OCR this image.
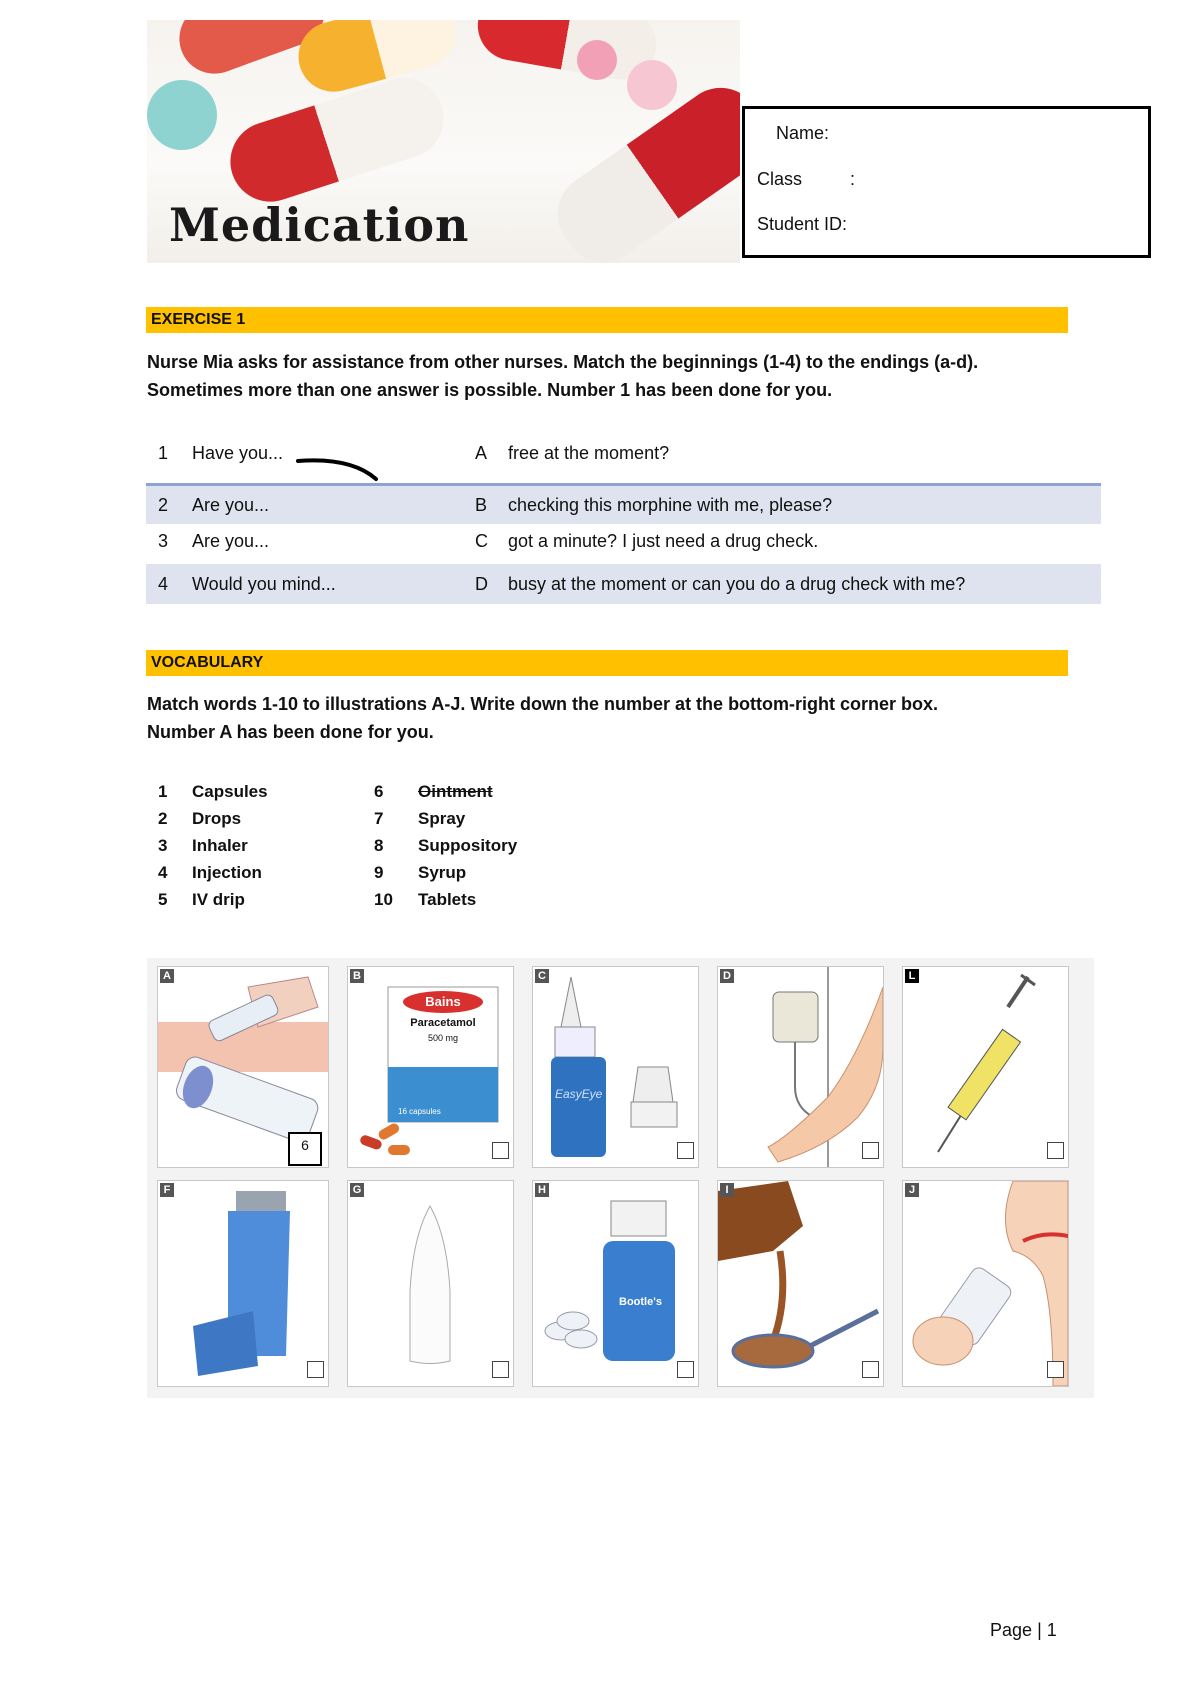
Medication
Name:
Class	:
Student ID:
EXERCISE 1
Nurse Mia asks for assistance from other nurses. Match the beginnings (1-4) to the endings (a-d).
Sometimes more than one answer is possible. Number 1 has been done for you.
1 Have you...	A free at the moment?
2 Are you...	B checking this morphine with me, please?
3 Are you...	C got a minute? I just need a drug check.
4 Would you mind...	D busy at the moment or can you do a drug check with me?
VOCABULARY
Match words 1-10 to illustrations A-J. Write down the number at the bottom-right corner box.
Number A has been done for you.
1 Capsules
2 Drops
3 Inhaler
4 Injection
5 IV drip
6 Ointment
7 Spray
8 Suppository
9 Syrup
10 Tablets
A
6
Bains
Paracetamol
500 mg
16 capsules
B
EasyEye
C	D	L
F	G
Bootle's
H	I	J
Page | 1
